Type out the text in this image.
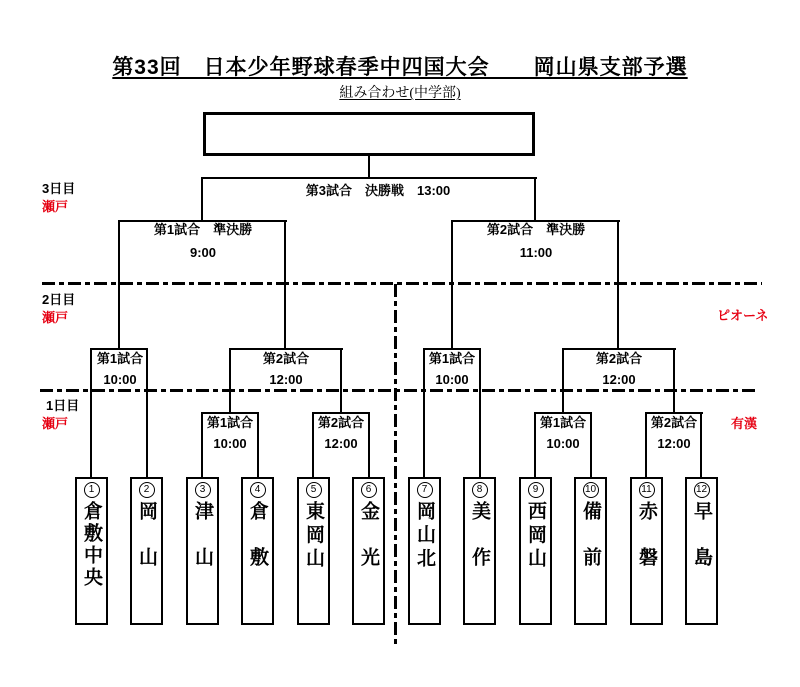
第33回　日本少年野球春季中四国大会　　岡山県支部予選
組み合わせ(中学部)
第3試合　決勝戦　13:00
第1試合　準決勝
9:00
第2試合　準決勝
11:00
第1試合
10:00
第2試合
12:00
第1試合
10:00
第2試合
12:00
第1試合
10:00
第2試合
12:00
第1試合
10:00
第2試合
12:00
3日目
瀬戸
2日目
瀬戸
1日目
瀬戸
ピオーネ
有漢
1
倉敷中央
2
岡山
3
津山
4
倉敷
5
東岡山
6
金光
7
岡山北
8
美作
9
西岡山
10
備前
11
赤磐
12
早島
